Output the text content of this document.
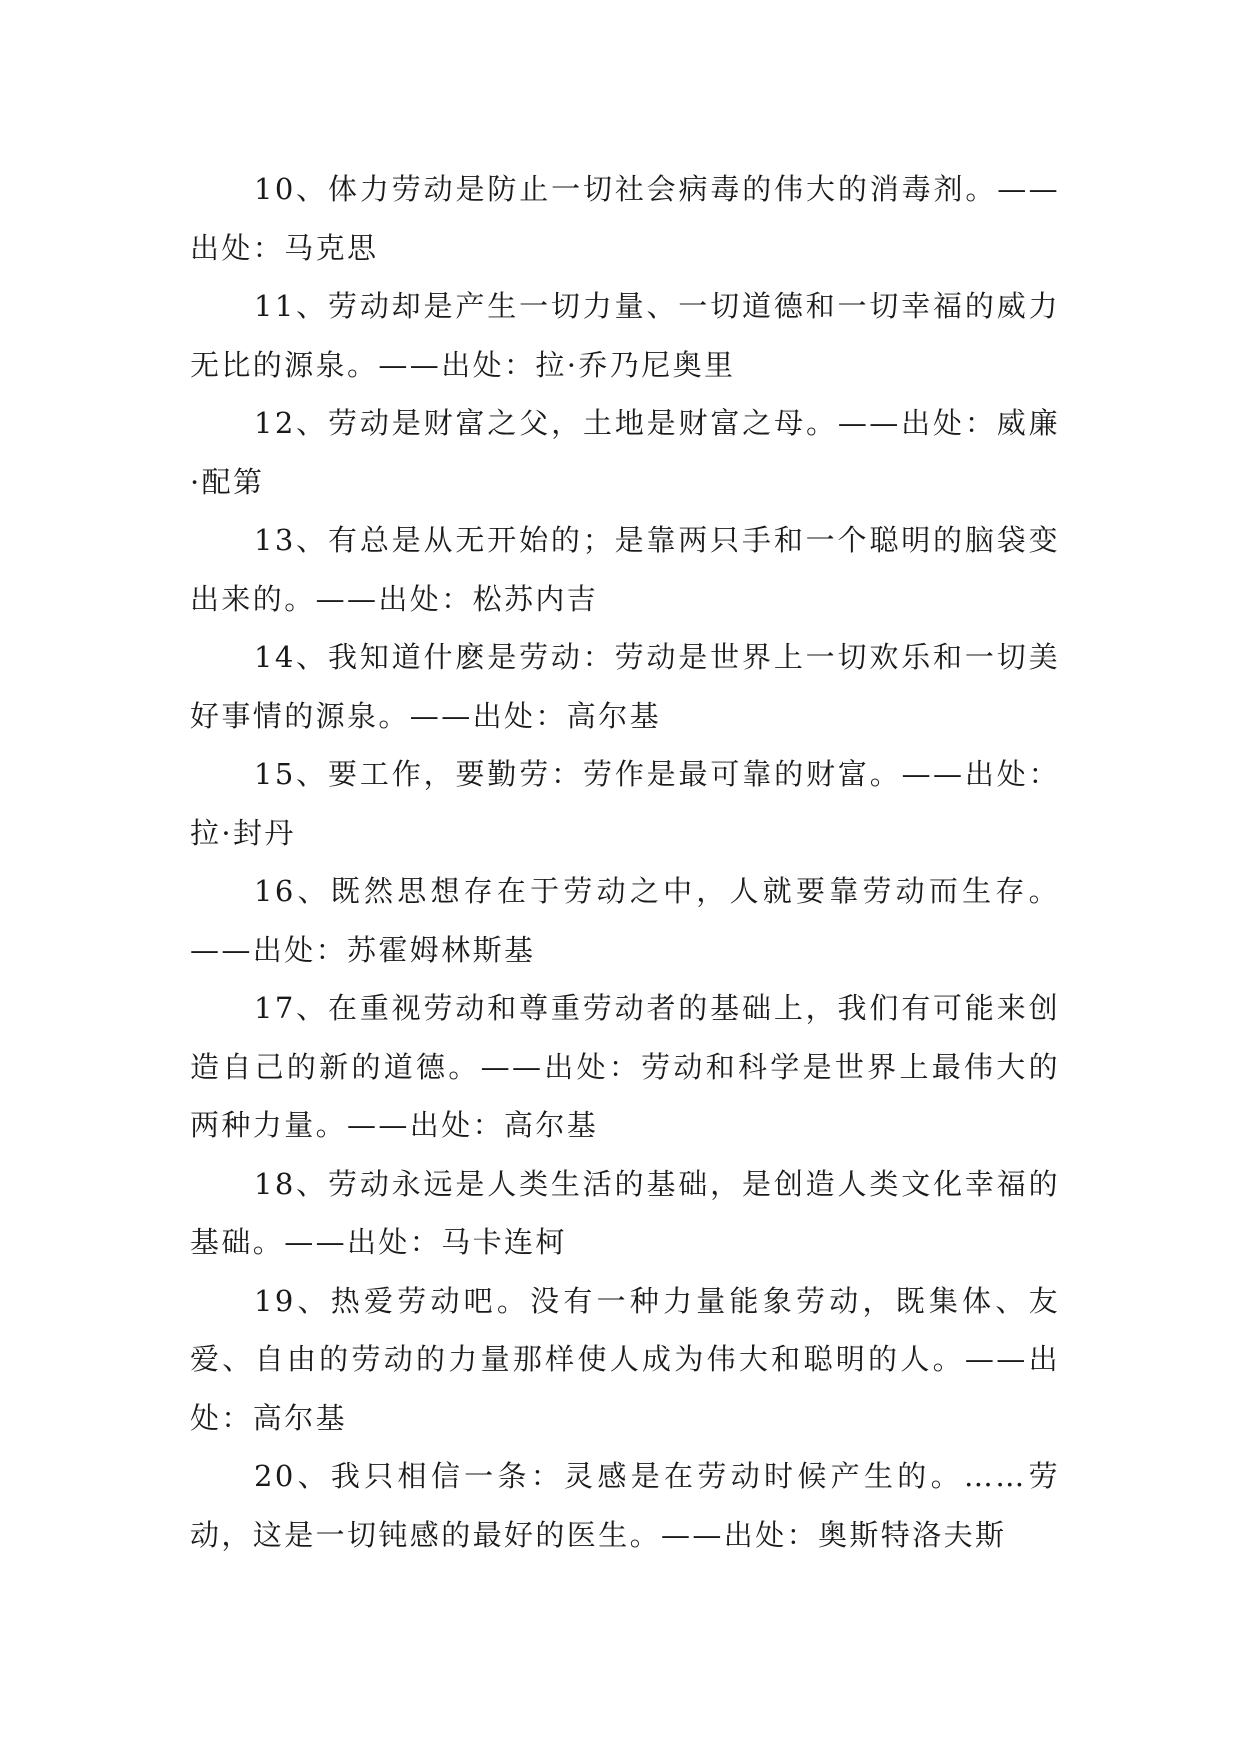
10、体力劳动是防止一切社会病毒的伟大的消毒剂。——出处：马克思

11、劳动却是产生一切力量、一切道德和一切幸福的威力无比的源泉。——出处：拉·乔乃尼奥里

12、劳动是财富之父，土地是财富之母。——出处：威廉·配第

13、有总是从无开始的；是靠两只手和一个聪明的脑袋变出来的。——出处：松苏内吉

14、我知道什麽是劳动：劳动是世界上一切欢乐和一切美好事情的源泉。——出处：高尔基

15、要工作，要勤劳：劳作是最可靠的财富。——出处：拉·封丹

16、既然思想存在于劳动之中，人就要靠劳动而生存。——出处：苏霍姆林斯基

17、在重视劳动和尊重劳动者的基础上，我们有可能来创造自己的新的道德。——出处：劳动和科学是世界上最伟大的两种力量。——出处：高尔基

18、劳动永远是人类生活的基础，是创造人类文化幸福的基础。——出处：马卡连柯

19、热爱劳动吧。没有一种力量能象劳动，既集体、友爱、自由的劳动的力量那样使人成为伟大和聪明的人。——出处：高尔基

20、我只相信一条：灵感是在劳动时候产生的。……劳动，这是一切钝感的最好的医生。——出处：奥斯特洛夫斯
